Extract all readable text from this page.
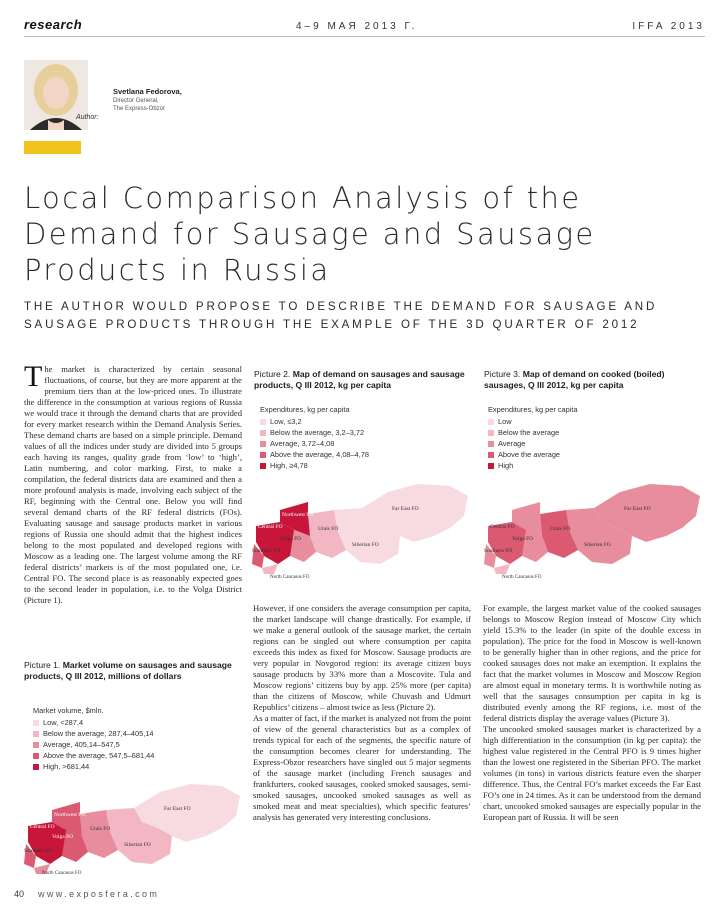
research	4–9 МАЯ 2013 Г.	IFFA 2013
Svetlana Fedorova,
Director General,
The Express-Obzor
Author:
Local Comparison Analysis of the Demand for Sausage and Sausage Products in Russia
THE AUTHOR WOULD PROPOSE TO DESCRIBE THE DEMAND FOR SAUSAGE AND SAUSAGE PRODUCTS THROUGH THE EXAMPLE OF THE 3D QUARTER OF 2012
The market is characterized by certain seasonal fluctuations, of course, but they are more apparent at the premium tiers than at the low-priced ones. To illustrate the difference in the consumption at various regions of Russia we would trace it through the demand charts that are provided for every market research within the Demand Analysis Series. These demand charts are based on a simple principle. Demand values of all the indices under study are divided into 5 groups each having its ranges, quality grade from ‘low’ to ‘high’, Latin numbering, and color marking. First, to make a compilation, the federal districts data are examined and then a more profound analysis is made, involving each subject of the RF, beginning with the Central one. Below you will find several demand charts of the RF federal districts (FOs). Evaluating sausage and sausage products market in various regions of Russia one should admit that the highest indices belong to the most populated and developed regions with Moscow as a leading one. The largest volume among the RF federal districts’ markets is of the most populated one, i.e. Central FO. The second place is as reasonably expected goes to the second leader in population, i.e. to the Volga District (Picture 1).
Picture 1. Market volume on sausages and sausage products, Q III 2012, millions of dollars
Market volume, $mln.
Low, <287,4
Below the average, 287,4–405,14
Average, 405,14–547,5
Above the average, 547,5–681,44
High, >681,44
Far East FO
Siberian FO
Urals FO
Northwest FO
Central FO
Volga FO
Southern FO
North Caucasus FO
Picture 2. Map of demand on sausages and sausage products, Q III 2012, kg per capita
Expenditures, kg per capita
Low, ≤3,2
Below the average, 3,2–3,72
Average, 3,72–4,08
Above the average, 4,08–4,78
High, ≥4,78
Far East FO
Siberian FO
Urals FO
Northwest FO
Central FO
Volga FO
Southern FO
North Caucasus FO

However, if one considers the average consumption per capita, the market landscape will change drastically. For example, if we make a general outlook of the sausage market, the certain regions can be singled out where consumption per capita exceeds this index as fixed for Moscow. Sausage products are very popular in Novgorod region: its average citizen buys sausage products by 33% more than a Moscovite. Tula and Moscow regions’ citizens buy by app. 25% more (per capita) than the citizens of Moscow, while Chuvash and Udmurt Republics’ citizens – almost twice as less (Picture 2).

As a matter of fact, if the market is analyzed not from the point of view of the general characteristics but as a complex of trends typical for each of the segments, the specific nature of the consumption becomes clearer for understanding. The Express-Obzor researchers have singled out 5 major segments of the sausage market (including French sausages and frankfurters, cooked sausages, cooked smoked sausages, semi-smoked sausages, uncooked smoked sausages as well as smoked meat and meat specialties), which specific features’ analysis has generated very interesting conclusions.

Picture 3. Map of demand on cooked (boiled) sausages, Q III 2012, kg per capita
Expenditures, kg per capita
Low
Below the average
Average
Above the average
High
Far East FO
Siberian FO
Urals FO
Central FO
Volga FO
Southern FO
North Caucasus FO

For example, the largest market value of the cooked sausages belongs to Moscow Region instead of Moscow City which yield 15.3% to the leader (in spite of the double excess in population). The price for the food in Moscow is well-known to be generally higher than in other regions, and the price for cooked sausages does not make an exemption. It explains the fact that the market volumes in Moscow and Moscow Region are almost equal in monetary terms. It is worthwhile noting as well that the sausages consumption per capita in kg is distributed evenly among the RF regions, i.e. most of the federal districts display the average values (Picture 3).

The uncooked smoked sausages market is characterized by a high differentiation in the consumption (in kg per capita): the highest value registered in the Central PFO is 9 times higher than the lowest one registered in the Siberian PFO. The market volumes (in tons) in various districts feature even the sharper difference. Thus, the Central FO’s market exceeds the Far East FO’s one in 24 times. As it can be understood from the demand chart, uncooked smoked sausages are especially popular in the European part of Russia. It will be seen

40 www.exposfera.com
